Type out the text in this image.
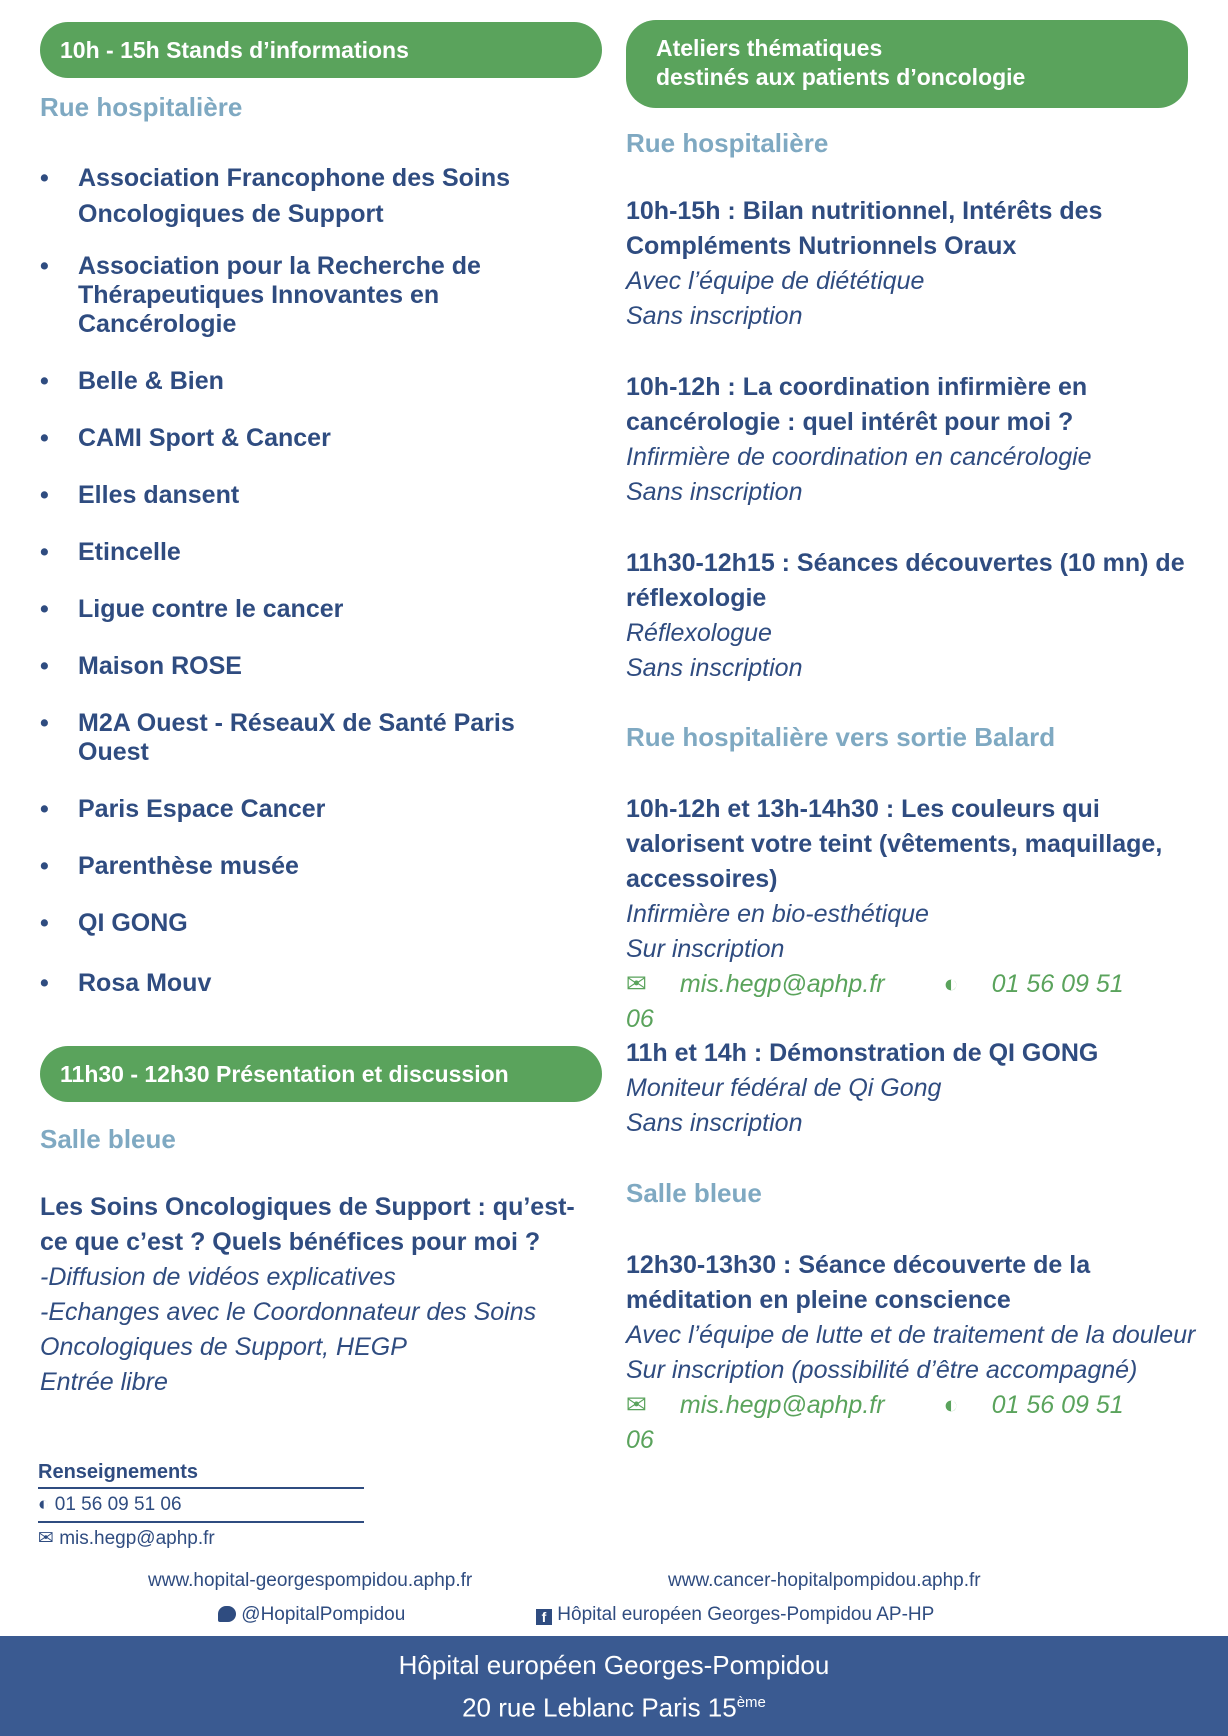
10h - 15h Stands d’informations
Rue hospitalière
• Association Francophone des Soins Oncologiques de Support
• Association pour la Recherche de Thérapeutiques Innovantes en Cancérologie
• Belle & Bien
• CAMI Sport & Cancer
• Elles dansent
• Etincelle
• Ligue contre le cancer
• Maison ROSE
• M2A Ouest - RéseauX de Santé Paris Ouest
• Paris Espace Cancer
• Parenthèse musée
• QI GONG
• Rosa Mouv
11h30 - 12h30 Présentation et discussion
Salle bleue
Les Soins Oncologiques de Support : qu’est-ce que c’est ? Quels bénéfices pour moi ?
-Diffusion de vidéos explicatives
-Echanges avec le Coordonnateur des Soins Oncologiques de Support, HEGP
Entrée libre
Renseignements
◐ 01 56 09 51 06
✉ mis.hegp@aphp.fr
Ateliers thématiques
destinés aux patients d’oncologie
Rue hospitalière
10h-15h : Bilan nutritionnel, Intérêts des Compléments Nutrionnels Oraux
Avec l’équipe de diététique
Sans inscription
10h-12h : La coordination infirmière en cancérologie : quel intérêt pour moi ?
Infirmière de coordination en cancérologie
Sans inscription
11h30-12h15 : Séances découvertes (10 mn) de réflexologie
Réflexologue
Sans inscription
Rue hospitalière vers sortie Balard
10h-12h et 13h-14h30 : Les couleurs qui valorisent votre teint (vêtements, maquillage, accessoires)
Infirmière en bio-esthétique
Sur inscription
✉ mis.hegp@aphp.fr ◐ 01 56 09 51 06
11h et 14h : Démonstration de QI GONG
Moniteur fédéral de Qi Gong
Sans inscription
Salle bleue
12h30-13h30 : Séance découverte de la méditation en pleine conscience
Avec l’équipe de lutte et de traitement de la douleur
Sur inscription (possibilité d’être accompagné)
✉ mis.hegp@aphp.fr ◐ 01 56 09 51 06
www.hopital-georgespompidou.aphp.fr	www.cancer-hopitalpompidou.aphp.fr
@HopitalPompidou	f Hôpital européen Georges-Pompidou AP-HP
Hôpital européen Georges-Pompidou
20 rue Leblanc Paris 15ème
